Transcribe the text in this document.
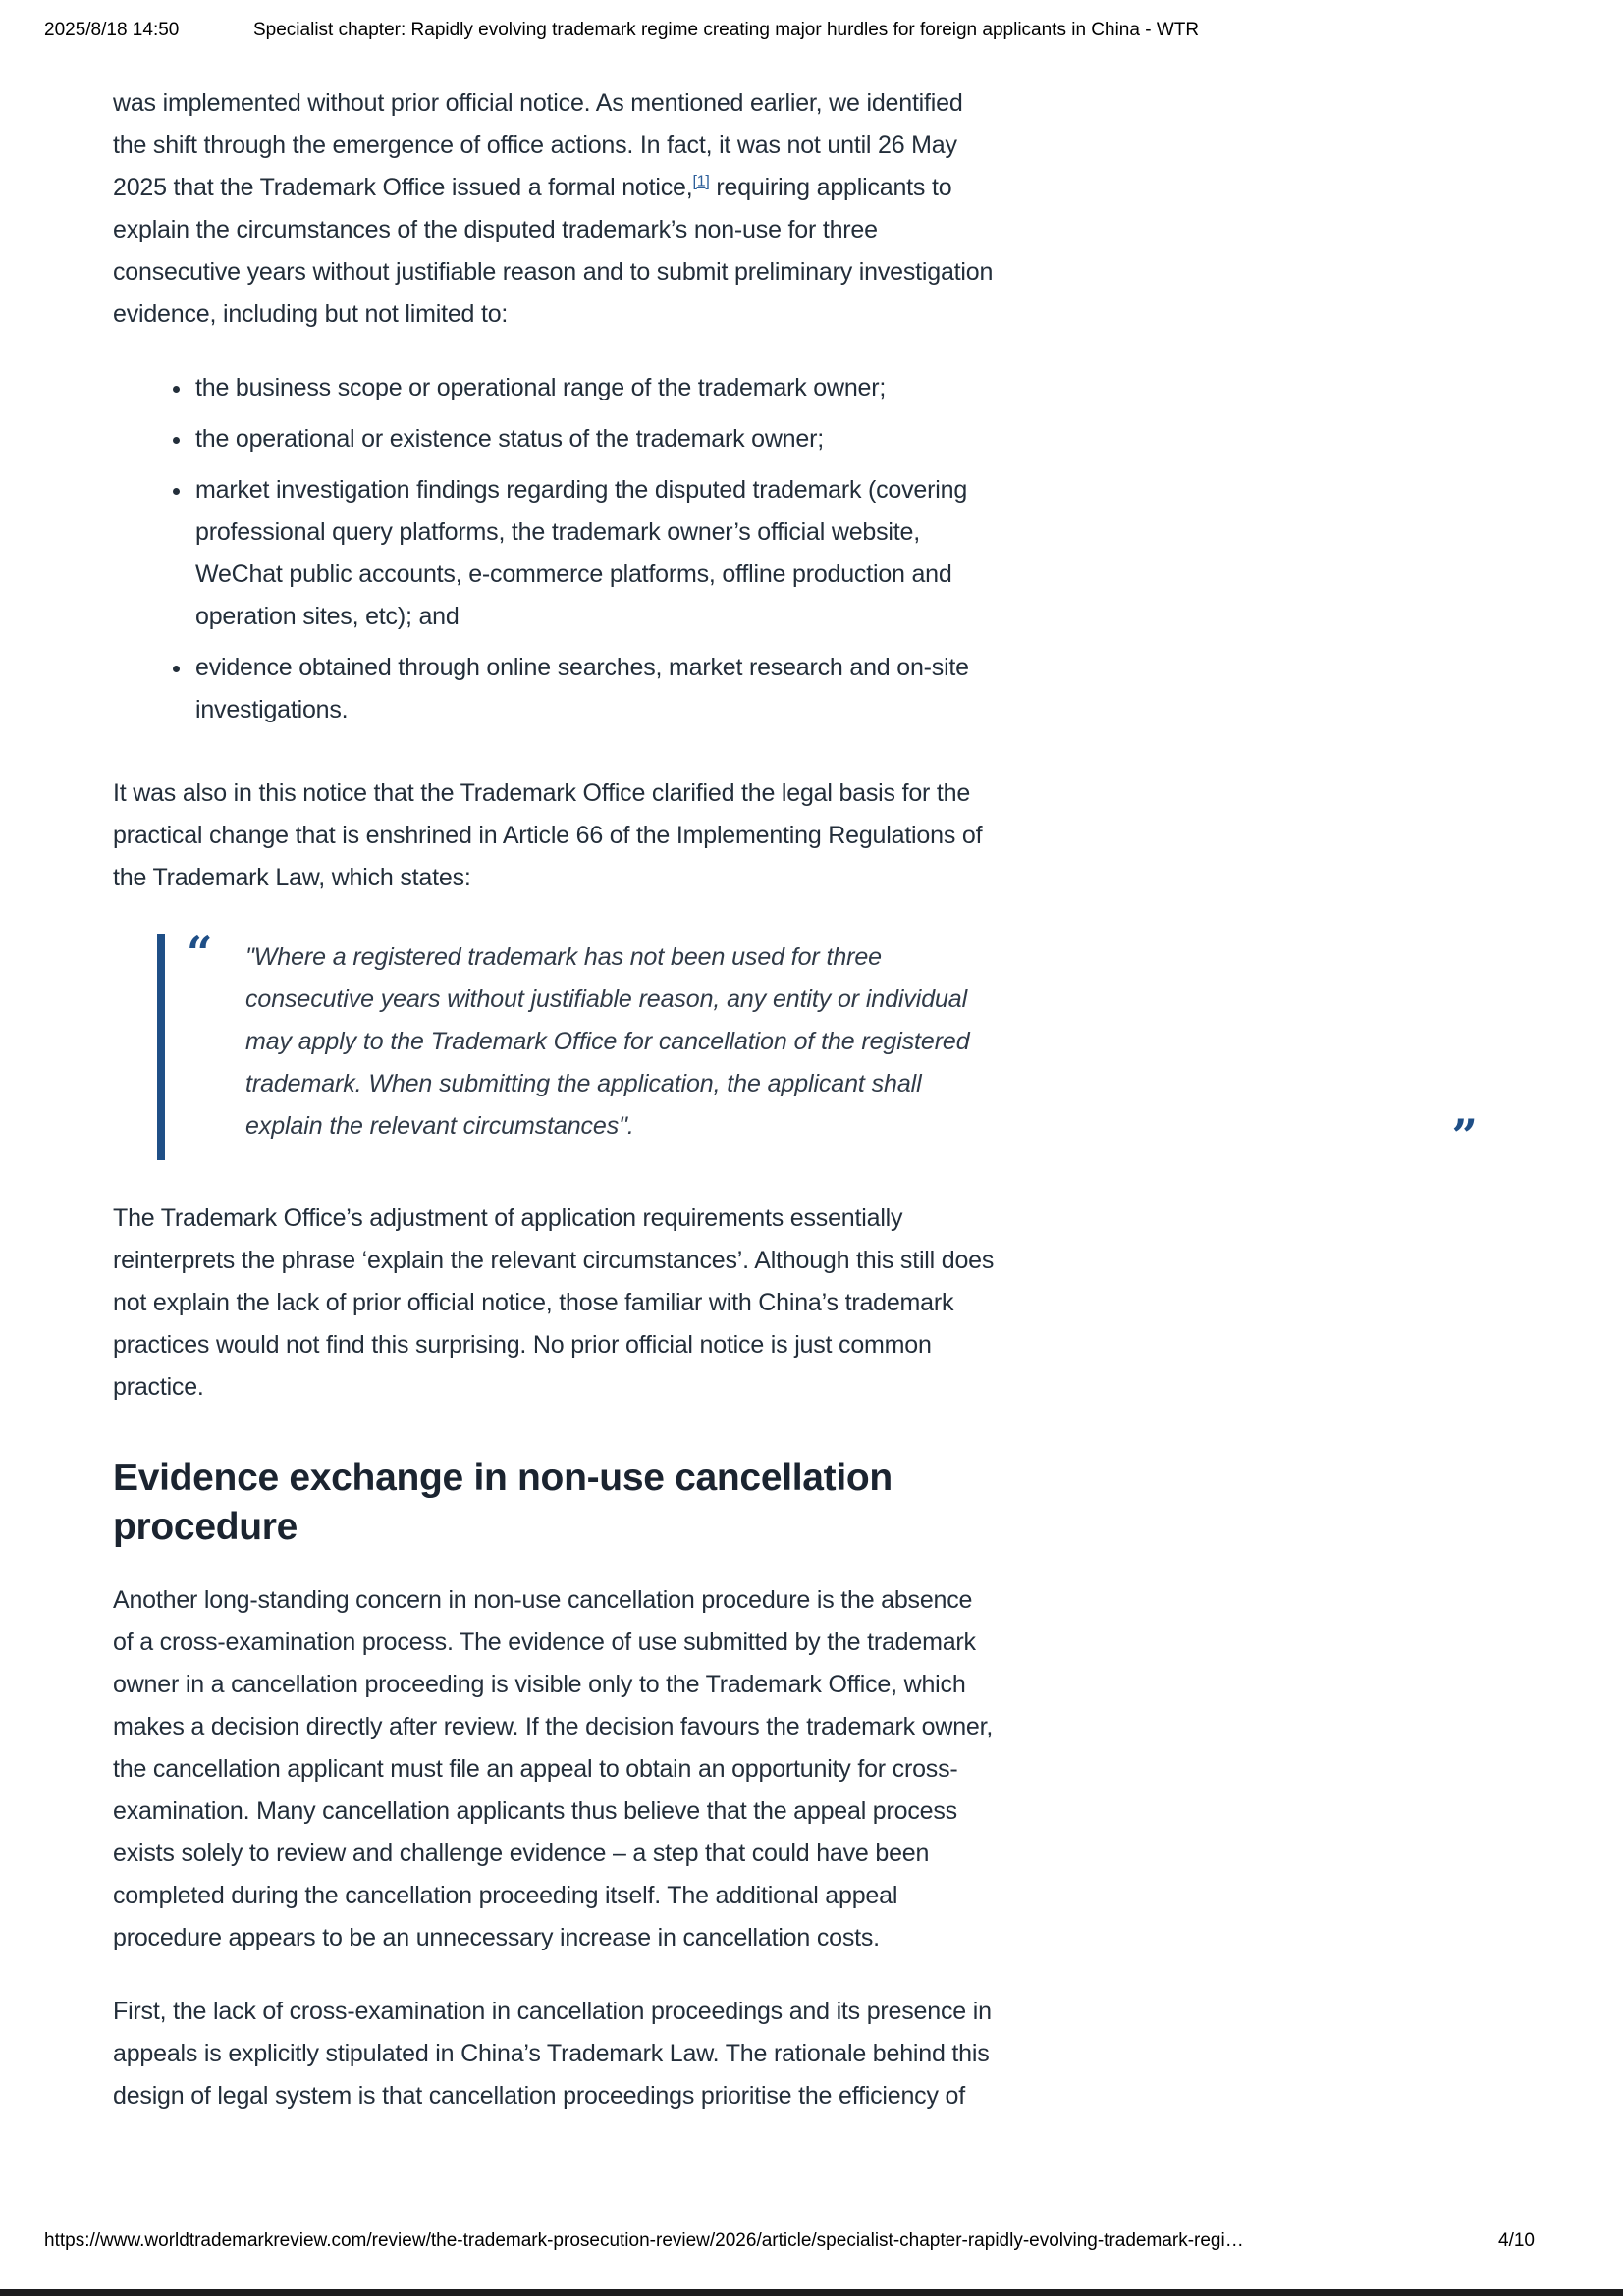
2025/8/18 14:50	Specialist chapter: Rapidly evolving trademark regime creating major hurdles for foreign applicants in China - WTR

was implemented without prior official notice. As mentioned earlier, we identified the shift through the emergence of office actions. In fact, it was not until 26 May 2025 that the Trademark Office issued a formal notice,[1] requiring applicants to explain the circumstances of the disputed trademark’s non-use for three consecutive years without justifiable reason and to submit preliminary investigation evidence, including but not limited to:

• the business scope or operational range of the trademark owner;
• the operational or existence status of the trademark owner;
• market investigation findings regarding the disputed trademark (covering professional query platforms, the trademark owner’s official website, WeChat public accounts, e-commerce platforms, offline production and operation sites, etc); and
• evidence obtained through online searches, market research and on-site investigations.

It was also in this notice that the Trademark Office clarified the legal basis for the practical change that is enshrined in Article 66 of the Implementing Regulations of the Trademark Law, which states:

“ "Where a registered trademark has not been used for three consecutive years without justifiable reason, any entity or individual may apply to the Trademark Office for cancellation of the registered trademark. When submitting the application, the applicant shall explain the relevant circumstances".	”

The Trademark Office’s adjustment of application requirements essentially reinterprets the phrase ‘explain the relevant circumstances’. Although this still does not explain the lack of prior official notice, those familiar with China’s trademark practices would not find this surprising. No prior official notice is just common practice.

Evidence exchange in non-use cancellation procedure

Another long-standing concern in non-use cancellation procedure is the absence of a cross-examination process. The evidence of use submitted by the trademark owner in a cancellation proceeding is visible only to the Trademark Office, which makes a decision directly after review. If the decision favours the trademark owner, the cancellation applicant must file an appeal to obtain an opportunity for cross-examination. Many cancellation applicants thus believe that the appeal process exists solely to review and challenge evidence – a step that could have been completed during the cancellation proceeding itself. The additional appeal procedure appears to be an unnecessary increase in cancellation costs.

First, the lack of cross-examination in cancellation proceedings and its presence in appeals is explicitly stipulated in China’s Trademark Law. The rationale behind this design of legal system is that cancellation proceedings prioritise the efficiency of

https://www.worldtrademarkreview.com/review/the-trademark-prosecution-review/2026/article/specialist-chapter-rapidly-evolving-trademark-regi…	4/10
